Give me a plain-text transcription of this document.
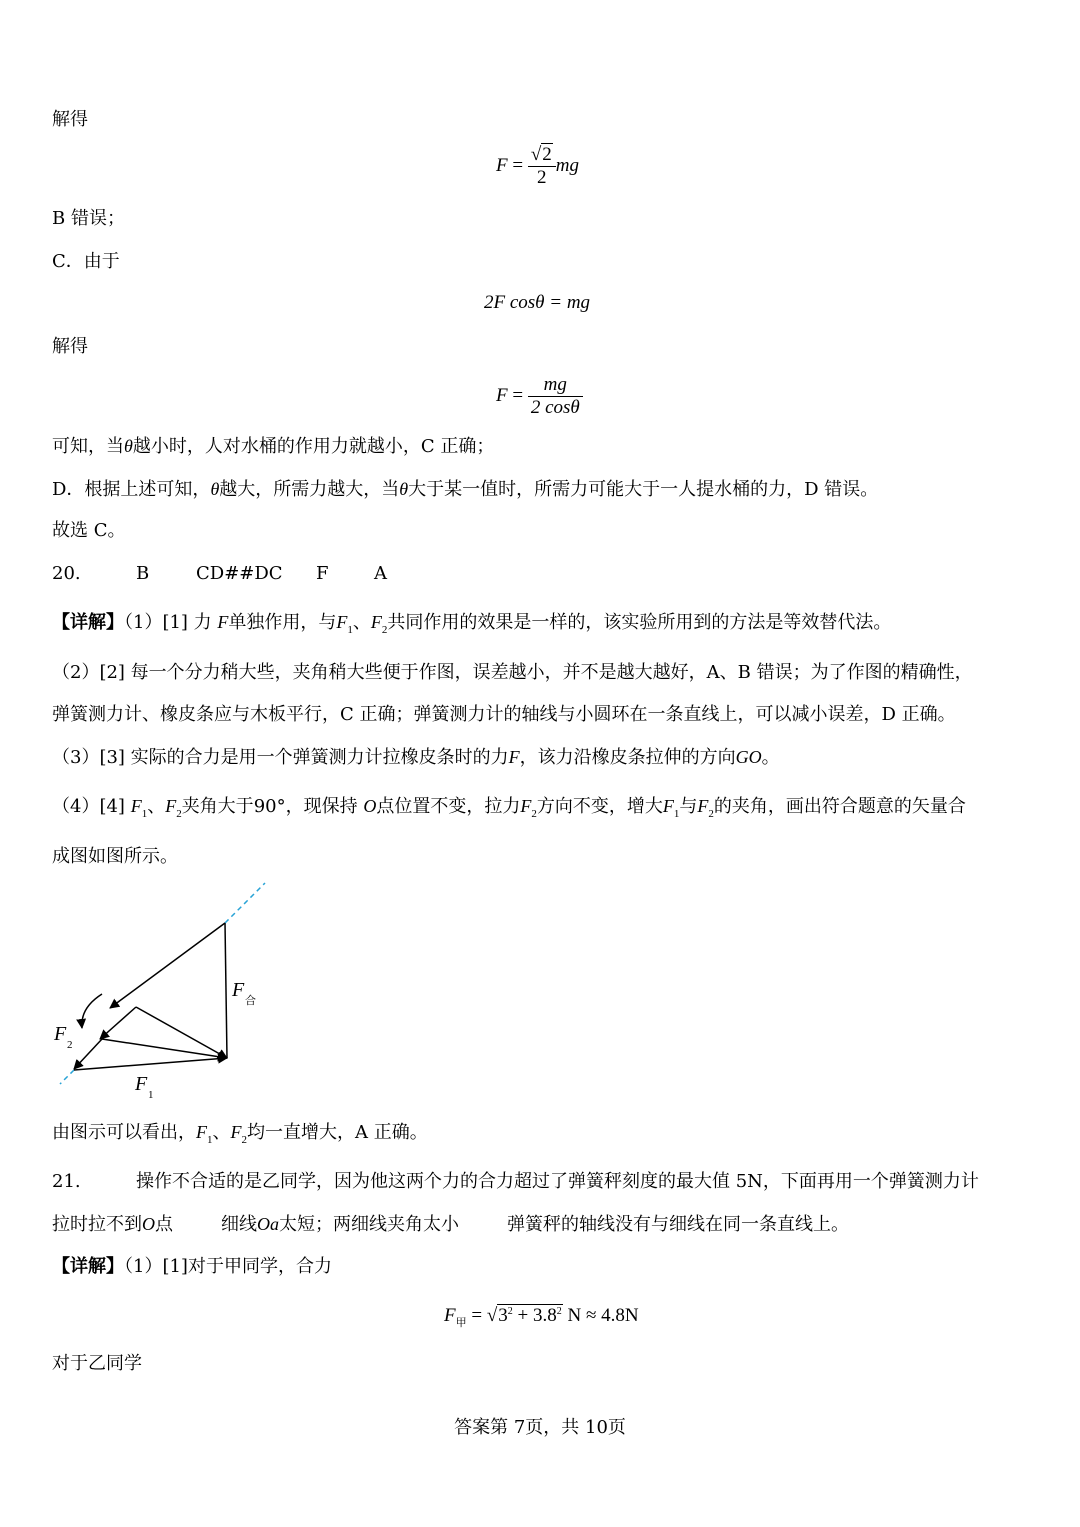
解得
$F = \frac{√2}{2}$ mg
B 错误；
C．由于
2F cosθ = mg
解得
$F = \frac{mg}{2 \cos\theta}$
可知，当θ越小时，人对水桶的作用力就越小，C 正确；
D．根据上述可知，θ越大，所需力越大，当θ大于某一值时，所需力可能大于一人提水桶的力，D 错误。
故选 C。
20.	B	CD##DC F	A
【详解】（1）[1] 力 F单独作用，与$F_1$、$F_2$共同作用的效果是一样的，该实验所用到的方法是等效替代法。
（2）[2] 每一个分力稍大些，夹角稍大些便于作图，误差越小，并不是越大越好，A、B 错误；为了作图的精确性，
弹簧测力计、橡皮条应与木板平行，C 正确；弹簧测力计的轴线与小圆环在一条直线上，可以减小误差，D 正确。
（3）[3] 实际的合力是用一个弹簧测力计拉橡皮条时的力F，该力沿橡皮条拉伸的方向GO。
（4）[4] $F_1$、$F_2$夹角大于90°，现保持 O点位置不变，拉力$F_2$方向不变，增大$F_1$与$F_2$的夹角，画出符合题意的矢量合
成图如图所示。
F 合
F 2
F 1
由图示可以看出，$F_1$、$F_2$均一直增大，A 正确。
21.	操作不合适的是乙同学，因为他这两个力的合力超过了弹簧秤刻度的最大值 5N，下面再用一个弹簧测力计
拉时拉不到O点	细线Oa太短；两细线夹角太小	弹簧秤的轴线没有与细线在同一条直线上。
【详解】（1）[1]对于甲同学，合力
$F_甲 = √3^2 + 3.8^2$ N ≈ 4.8N
对于乙同学
答案第 7页，共 10页
